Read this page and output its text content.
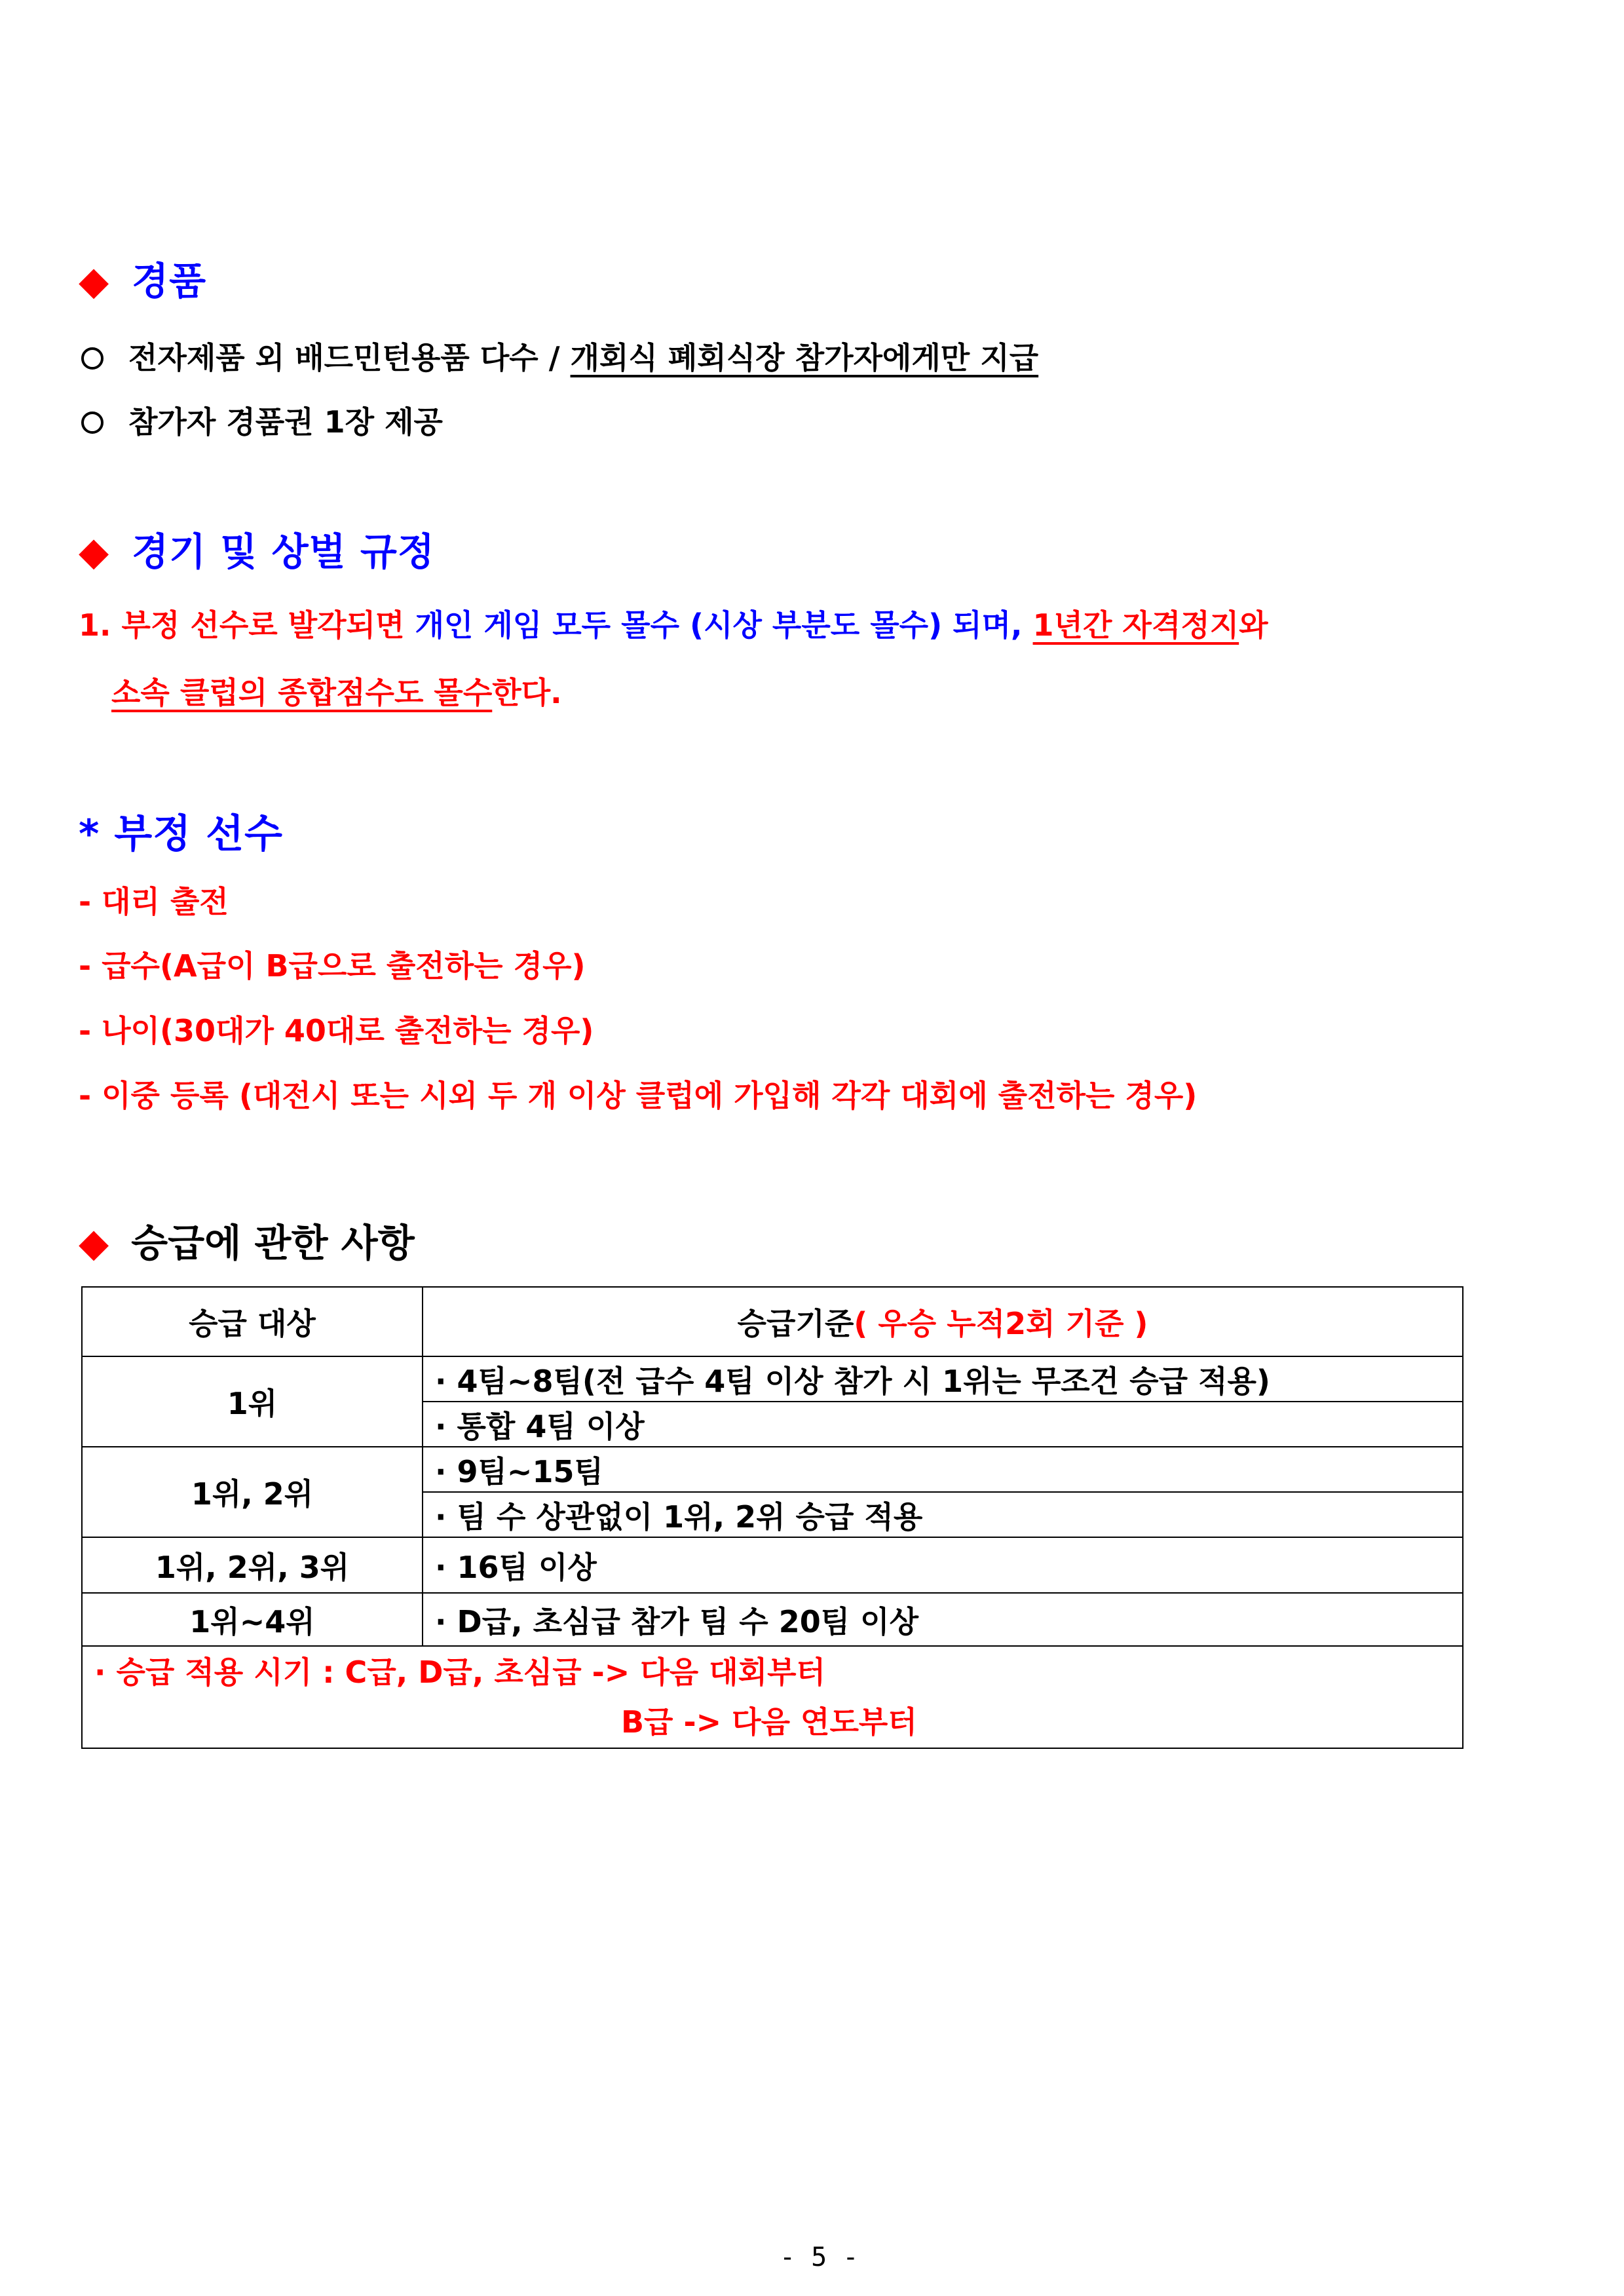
◆ 경품
전자제품 외 배드민턴용품 다수 / 개회식 폐회식장 참가자에게만 지급
참가자 경품권 1장 제공
◆ 경기 및 상벌 규정
1. 부정 선수로 발각되면 개인 게임 모두 몰수 (시상 부분도 몰수) 되며, 1년간 자격정지와
소속 클럽의 종합점수도 몰수한다.
* 부정 선수
- 대리 출전
- 급수(A급이 B급으로 출전하는 경우)
- 나이(30대가 40대로 출전하는 경우)
- 이중 등록 (대전시 또는 시외 두 개 이상 클럽에 가입해 각각 대회에 출전하는 경우)
◆ 승급에 관한 사항
승급 대상	승급기준( 우승 누적2회 기준 )
1위	· 4팀~8팀(전 급수 4팀 이상 참가 시 1위는 무조건 승급 적용)
	· 통합 4팀 이상
1위, 2위	· 9팀~15팀
	· 팀 수 상관없이 1위, 2위 승급 적용
1위, 2위, 3위	· 16팀 이상
1위~4위	· D급, 초심급 참가 팀 수 20팀 이상

· 승급 적용 시기 : C급, D급, 초심급 -> 다음 대회부터
B급 -> 다음 연도부터	
- 5 -
